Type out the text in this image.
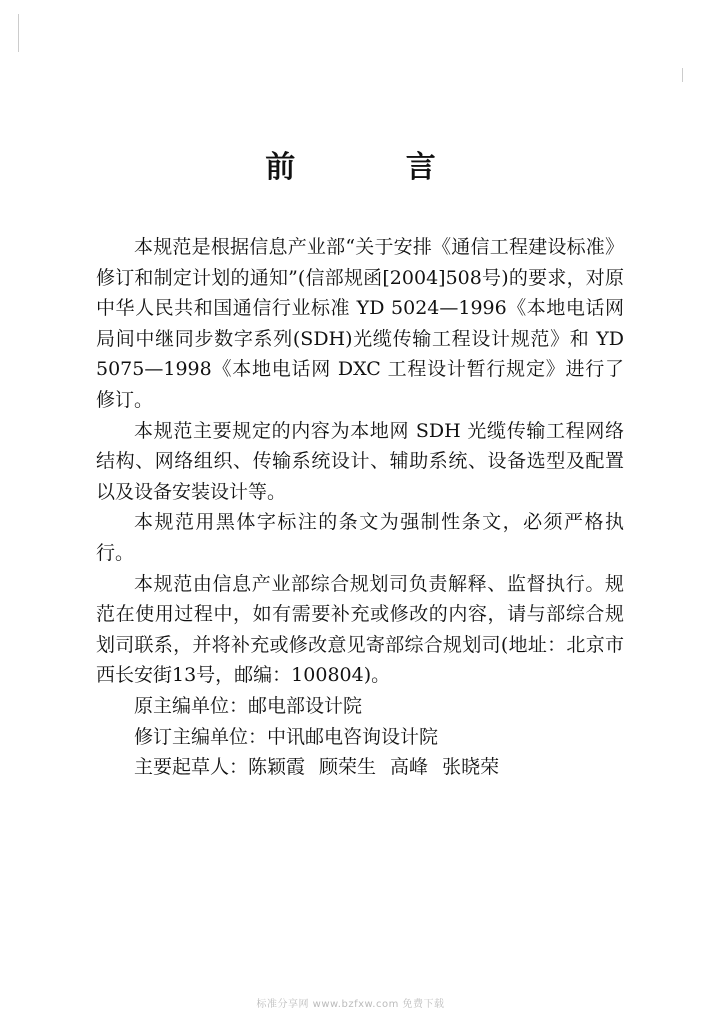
前 言

本规范是根据信息产业部“关于安排《通信工程建设标准》修订和制定计划的通知”(信部规函[2004]508号)的要求，对原中华人民共和国通信行业标准 YD 5024—1996《本地电话网局间中继同步数字系列(SDH)光缆传输工程设计规范》和 YD 5075—1998《本地电话网 DXC 工程设计暂行规定》进行了修订。

本规范主要规定的内容为本地网 SDH 光缆传输工程网络结构、网络组织、传输系统设计、辅助系统、设备选型及配置以及设备安装设计等。

本规范用黑体字标注的条文为强制性条文，必须严格执行。

本规范由信息产业部综合规划司负责解释、监督执行。规范在使用过程中，如有需要补充或修改的内容，请与部综合规划司联系，并将补充或修改意见寄部综合规划司(地址：北京市西长安街13号，邮编：100804)。

原主编单位：邮电部设计院
修订主编单位：中讯邮电咨询设计院
主要起草人：陈颖霞 顾荣生 高峰 张晓荣
标准分享网 www.bzfxw.com 免费下载
